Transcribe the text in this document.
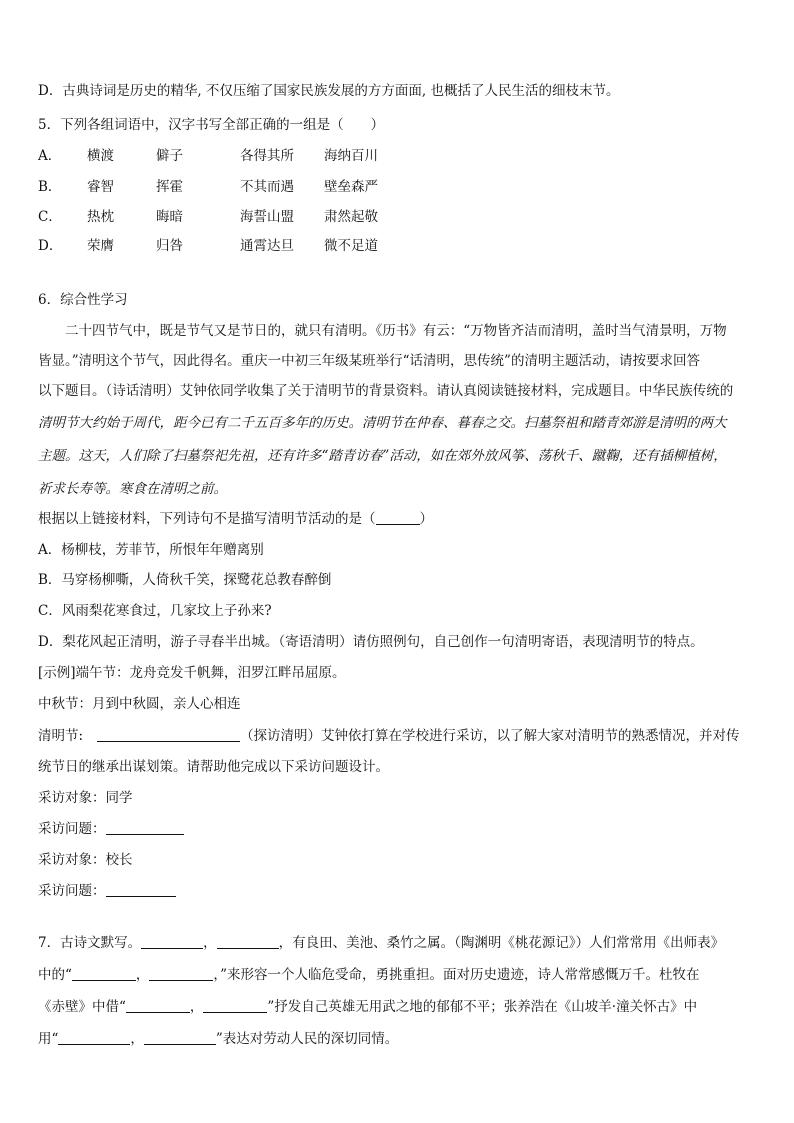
D．古典诗词是历史的精华, 不仅压缩了国家民族发展的方方面面, 也概括了人民生活的细枝末节。
5．下列各组词语中，汉字书写全部正确的一组是（　　）
A．	横渡	僻子	各得其所	海纳百川
B．	睿智	挥霍	不其而遇	壁垒森严
C．	热枕	晦暗	海誓山盟	肃然起敬
D．	荣膺	归咎	通霄达旦	微不足道
6．综合性学习
二十四节气中，既是节气又是节日的，就只有清明。《历书》有云：“万物皆齐洁而清明，盖时当气清景明，万物
皆显。”清明这个节气，因此得名。重庆一中初三年级某班举行“话清明，思传统”的清明主题活动，请按要求回答
以下题目。（诗话清明）艾钟依同学收集了关于清明节的背景资料。请认真阅读链接材料，完成题目。中华民族传统的
清明节大约始于周代，距今已有二千五百多年的历史。清明节在仲春、暮春之交。扫墓祭祖和踏青郊游是清明的两大
主题。这天，人们除了扫墓祭祀先祖，还有许多“踏青访春”活动，如在郊外放风筝、荡秋千、蹴鞠，还有插柳植树，
祈求长寿等。寒食在清明之前。
根据以上链接材料，下列诗句不是描写清明节活动的是（	）
A．杨柳枝，芳菲节，所恨年年赠离别
B．马穿杨柳嘶，人倚秋千笑，探鹭花总教春醉倒
C．风雨梨花寒食过，几家坟上子孙来?
D．梨花风起正清明，游子寻春半出城。（寄语清明）请仿照例句，自己创作一句清明寄语，表现清明节的特点。
[示例]端午节：龙舟竞发千帆舞，汨罗江畔吊屈原。
中秋节：月到中秋圆，亲人心相连
清明节:	（探访清明）艾钟依打算在学校进行采访，以了解大家对清明节的熟悉情况，并对传
统节日的继承出谋划策。请帮助他完成以下采访问题设计。
采访对象：同学
采访问题：
采访对象：校长
采访问题：
7．古诗文默写。	，	，有良田、美池、桑竹之属。（陶渊明《桃花源记》）人们常常用《出师表》
中的“	，	，”来形容一个人临危受命，勇挑重担。面对历史遗迹，诗人常常感慨万千。杜牧在
《赤壁》中借“	，	”抒发自己英雄无用武之地的郁郁不平；张养浩在《山坡羊·潼关怀古》中
用“	，	”表达对劳动人民的深切同情。
